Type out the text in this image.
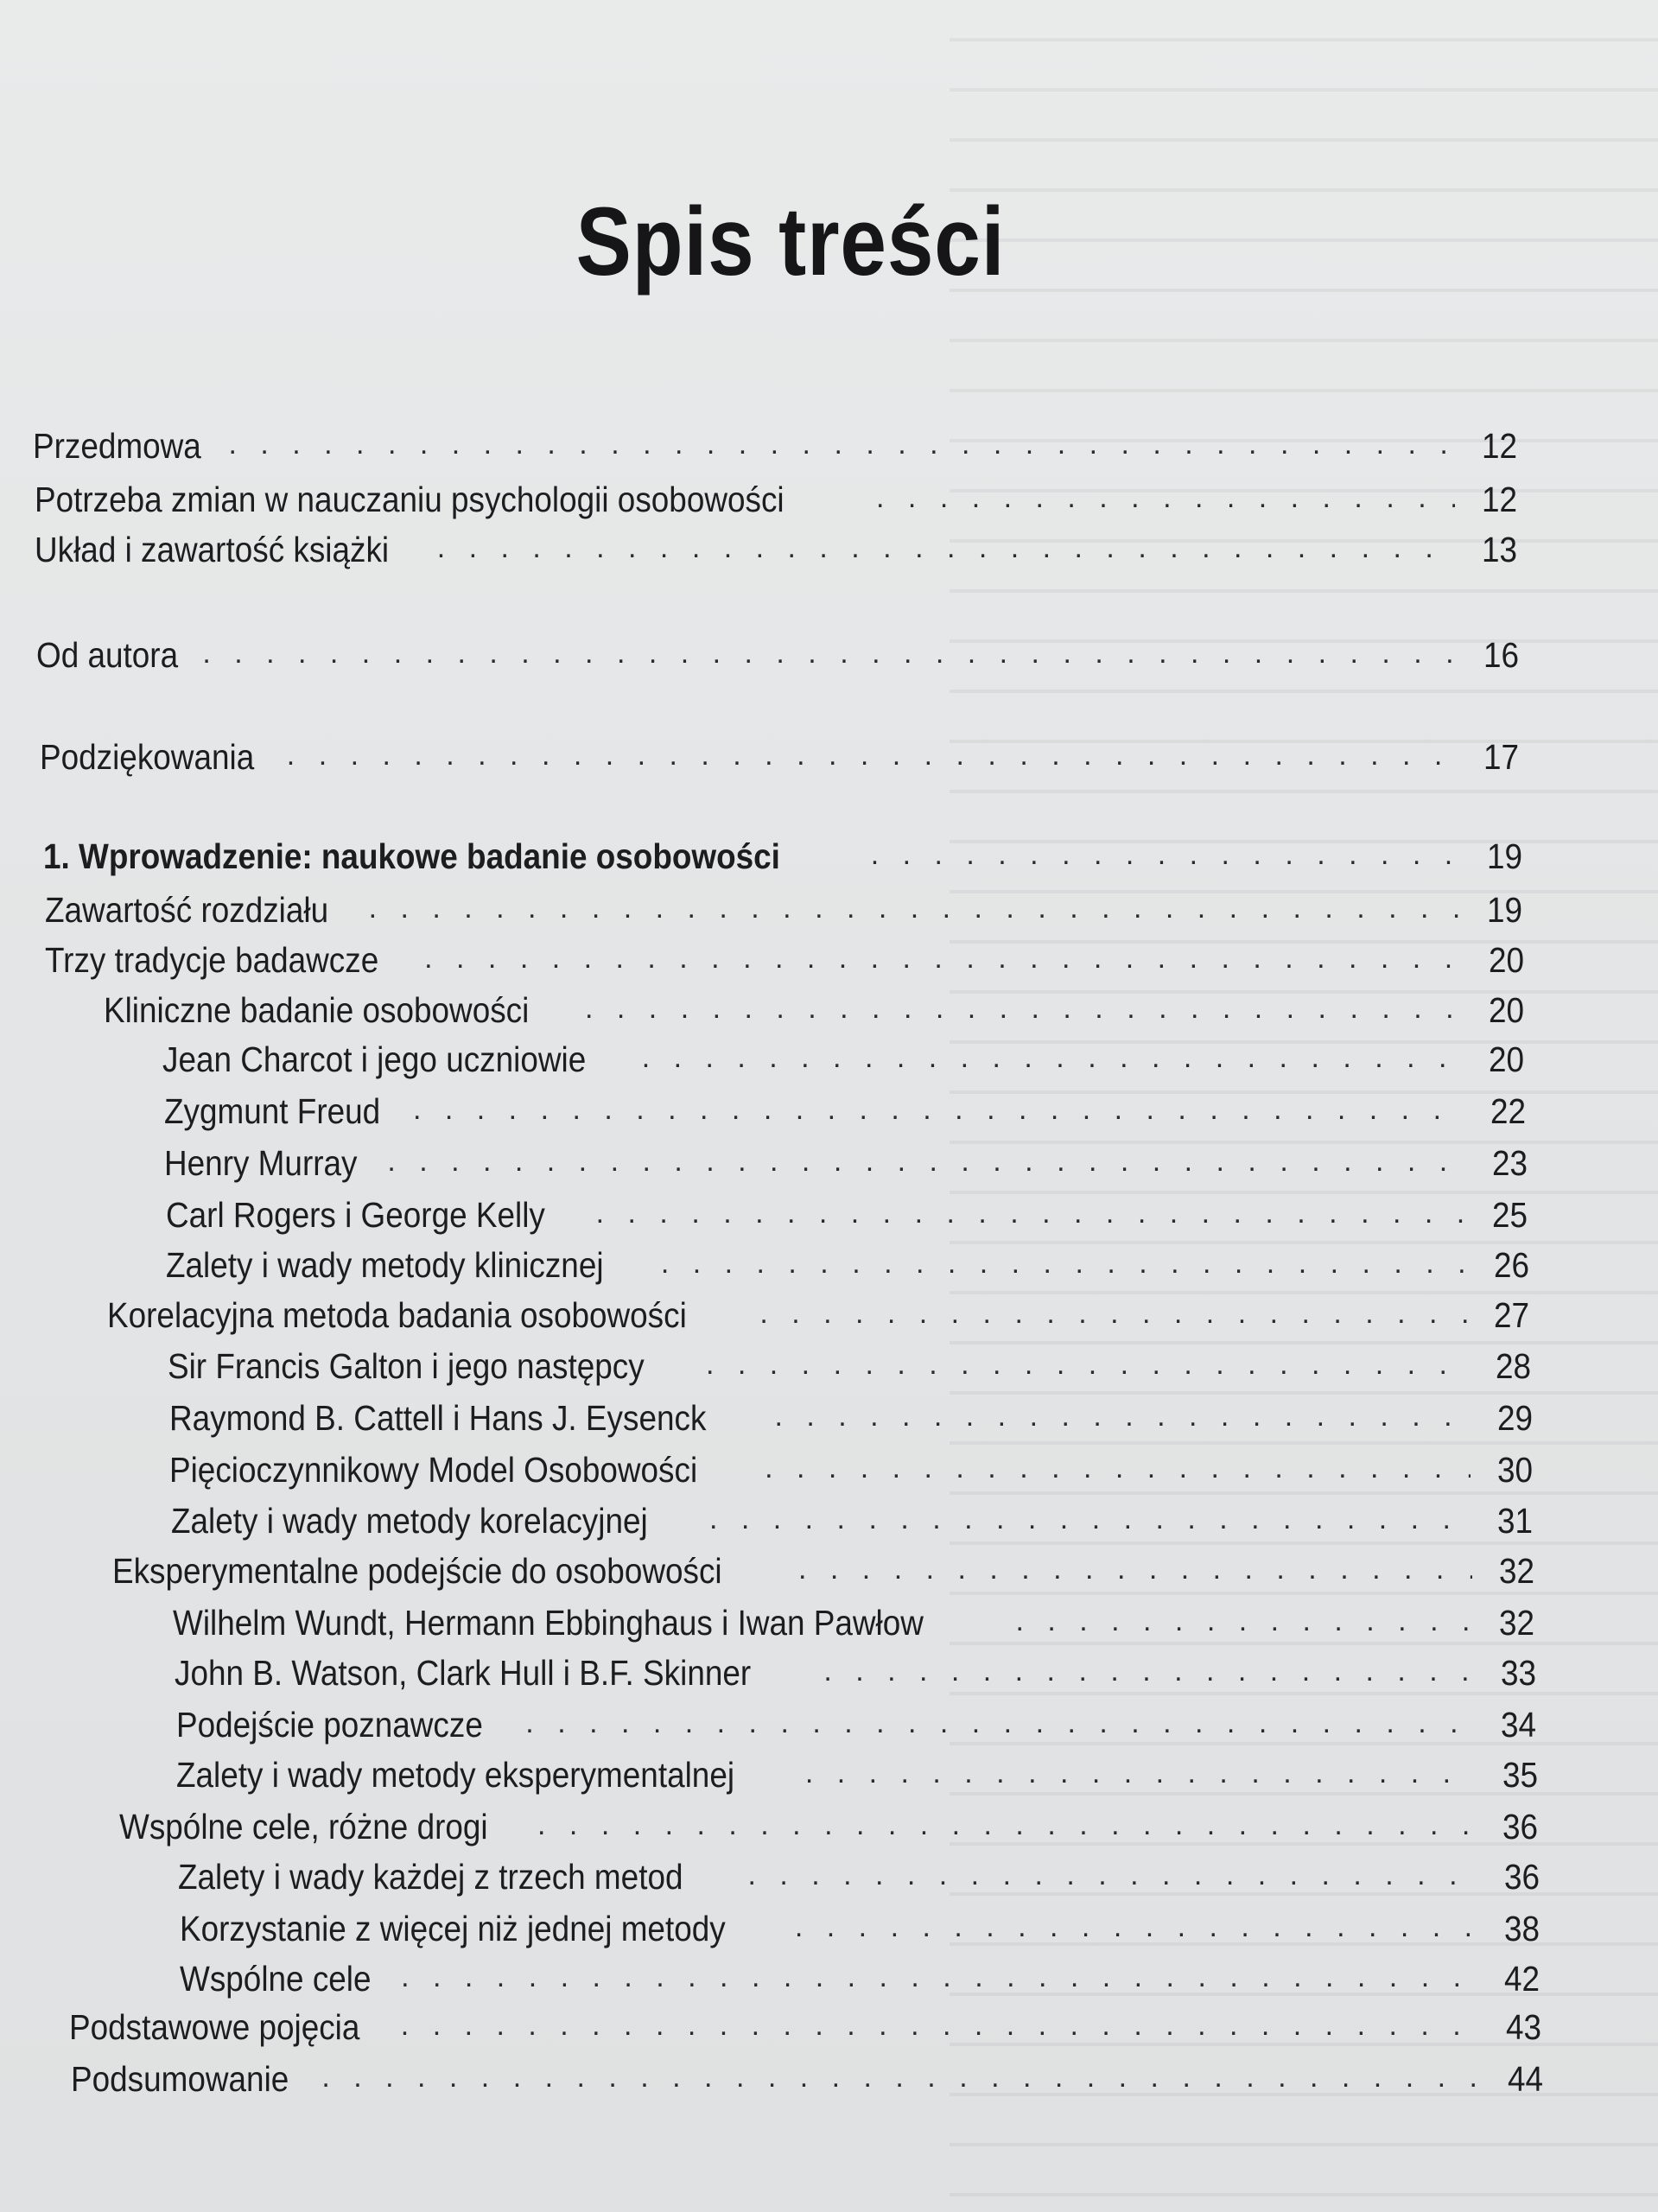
Spis treści
Przedmowa . . .	12
Potrzeba zmian w nauczaniu psychologii osobowości . . .	12
Układ i zawartość książki . . .	13
Od autora . . .	16
Podziękowania . . .	17
1. Wprowadzenie: naukowe badanie osobowości . . .	19
Zawartość rozdziału . . .	19
Trzy tradycje badawcze . . .	20
Kliniczne badanie osobowości . . .	20
Jean Charcot i jego uczniowie . . .	20
Zygmunt Freud . . .	22
Henry Murray . . .	23
Carl Rogers i George Kelly . . .	25
Zalety i wady metody klinicznej . . .	26
Korelacyjna metoda badania osobowości . . .	27
Sir Francis Galton i jego następcy . . .	28
Raymond B. Cattell i Hans J. Eysenck . . .	29
Pięcioczynnikowy Model Osobowości . . .	30
Zalety i wady metody korelacyjnej . . .	31
Eksperymentalne podejście do osobowości . . .	32
Wilhelm Wundt, Hermann Ebbinghaus i Iwan Pawłow . . .	32
John B. Watson, Clark Hull i B.F. Skinner . . .	33
Podejście poznawcze . . .	34
Zalety i wady metody eksperymentalnej . . .	35
Wspólne cele, różne drogi . . .	36
Zalety i wady każdej z trzech metod . . .	36
Korzystanie z więcej niż jednej metody . . .	38
Wspólne cele . . .	42
Podstawowe pojęcia . . .	43
Podsumowanie . . .	44
